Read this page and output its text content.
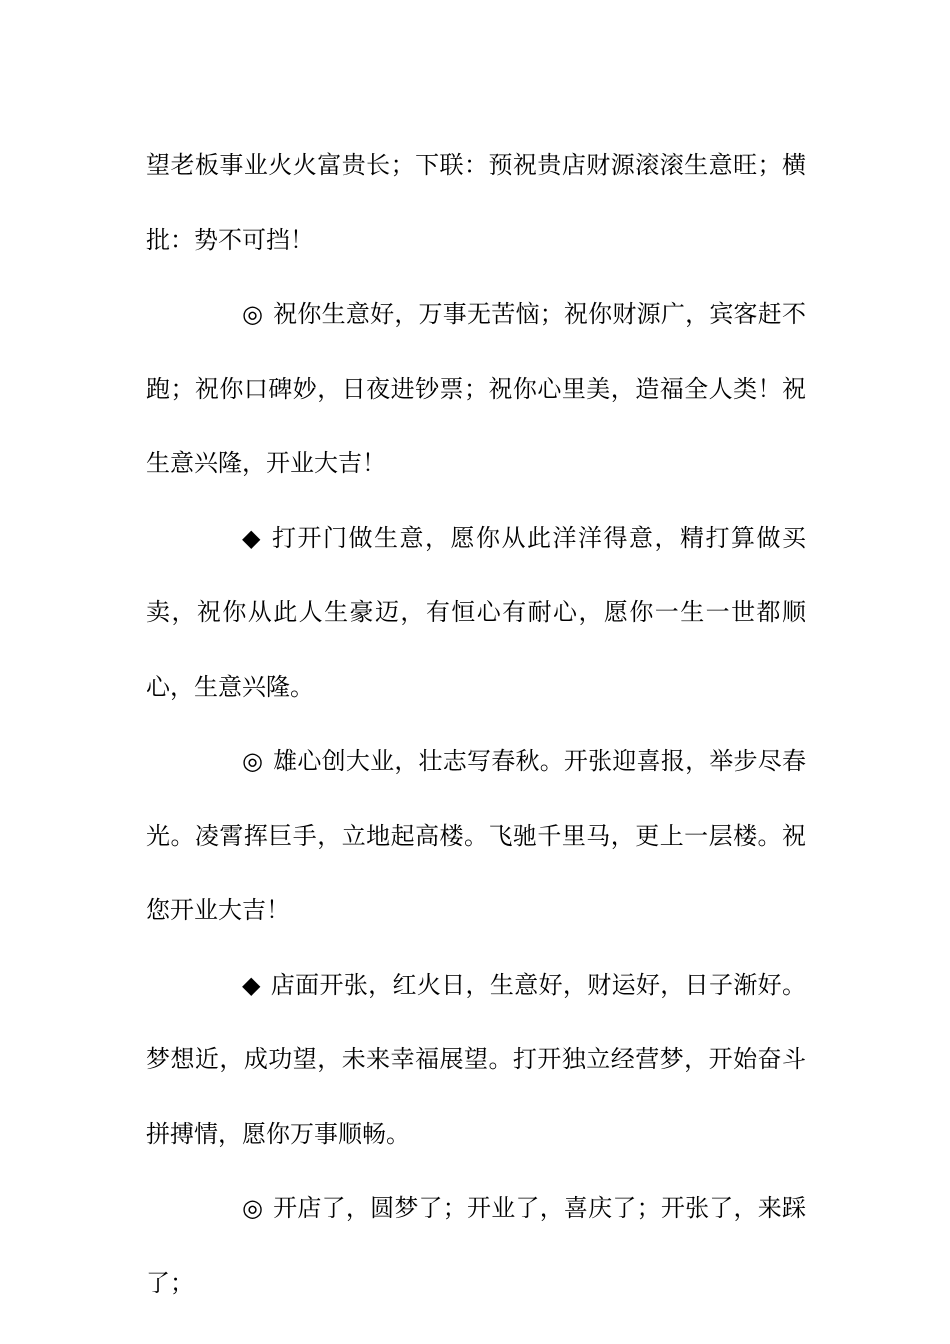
望老板事业火火富贵长；下联：预祝贵店财源滚滚生意旺；横批：势不可挡！

◎ 祝你生意好，万事无苦恼；祝你财源广，宾客赶不跑；祝你口碑妙，日夜进钞票；祝你心里美，造福全人类！祝生意兴隆，开业大吉！

◆ 打开门做生意，愿你从此洋洋得意，精打算做买卖，祝你从此人生豪迈，有恒心有耐心，愿你一生一世都顺心，生意兴隆。

◎ 雄心创大业，壮志写春秋。开张迎喜报，举步尽春光。凌霄挥巨手，立地起高楼。飞驰千里马，更上一层楼。祝您开业大吉！

◆ 店面开张，红火日，生意好，财运好，日子渐好。梦想近，成功望，未来幸福展望。打开独立经营梦，开始奋斗拼搏情，愿你万事顺畅。

◎ 开店了，圆梦了；开业了，喜庆了；开张了，来踩了；
